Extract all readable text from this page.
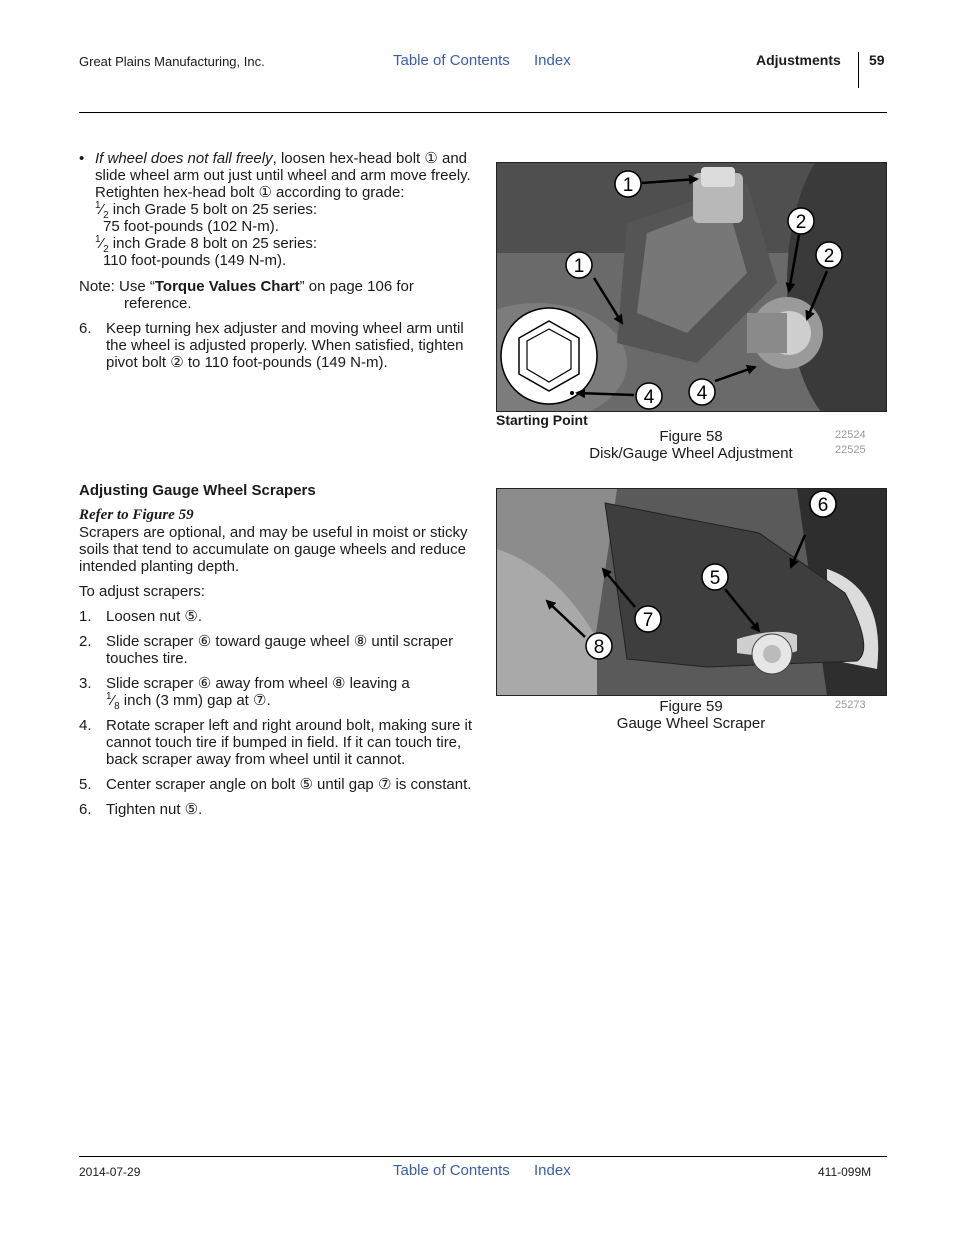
Great Plains Manufacturing, Inc.	Table of Contents Index	Adjustments 59
• If wheel does not fall freely, loosen hex-head bolt ① and slide wheel arm out just until wheel and arm move freely. Retighten hex-head bolt ① according to grade:
$^1⁄_2$ inch Grade 5 bolt on 25 series:
75 foot-pounds (102 N-m).
$^1⁄_2$ inch Grade 8 bolt on 25 series:
110 foot-pounds (149 N-m).
Note: Use “Torque Values Chart” on page 106 for reference.
6. Keep turning hex adjuster and moving wheel arm until the wheel is adjusted properly. When satisfied, tighten pivot bolt ② to 110 foot-pounds (149 N-m).
1
1
2
2
4 4
Starting Point
Figure 58
Disk/Gauge Wheel Adjustment
22524
22525
Adjusting Gauge Wheel Scrapers
Refer to Figure 59
Scrapers are optional, and may be useful in moist or sticky soils that tend to accumulate on gauge wheels and reduce intended planting depth.
To adjust scrapers:
1. Loosen nut ⑤.
2. Slide scraper ⑥ toward gauge wheel ⑧ until scraper touches tire.
3. Slide scraper ⑥ away from wheel ⑧ leaving a
$^1⁄_8$ inch (3 mm) gap at ⑦.
4. Rotate scraper left and right around bolt, making sure it cannot touch tire if bumped in field. If it can touch tire, back scraper away from wheel until it cannot.
5. Center scraper angle on bolt ⑤ until gap ⑦ is constant.
6. Tighten nut ⑤.
6
5
7
8
Figure 59
Gauge Wheel Scraper
25273
2014-07-29	Table of Contents Index	411-099M
